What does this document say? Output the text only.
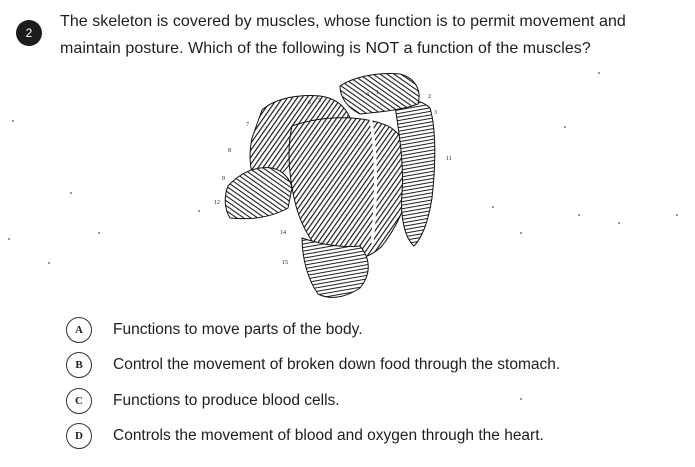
2
The skeleton is covered by muscles, whose function is to permit movement and maintain posture. Which of the following is NOT a function of the muscles?
1
2
3
4
5
6
7
8
9
11
12
14
15
A	Functions to move parts of the body.
B	Control the movement of broken down food through the stomach.
C	Functions to produce blood cells.
D	Controls the movement of blood and oxygen through the heart.
